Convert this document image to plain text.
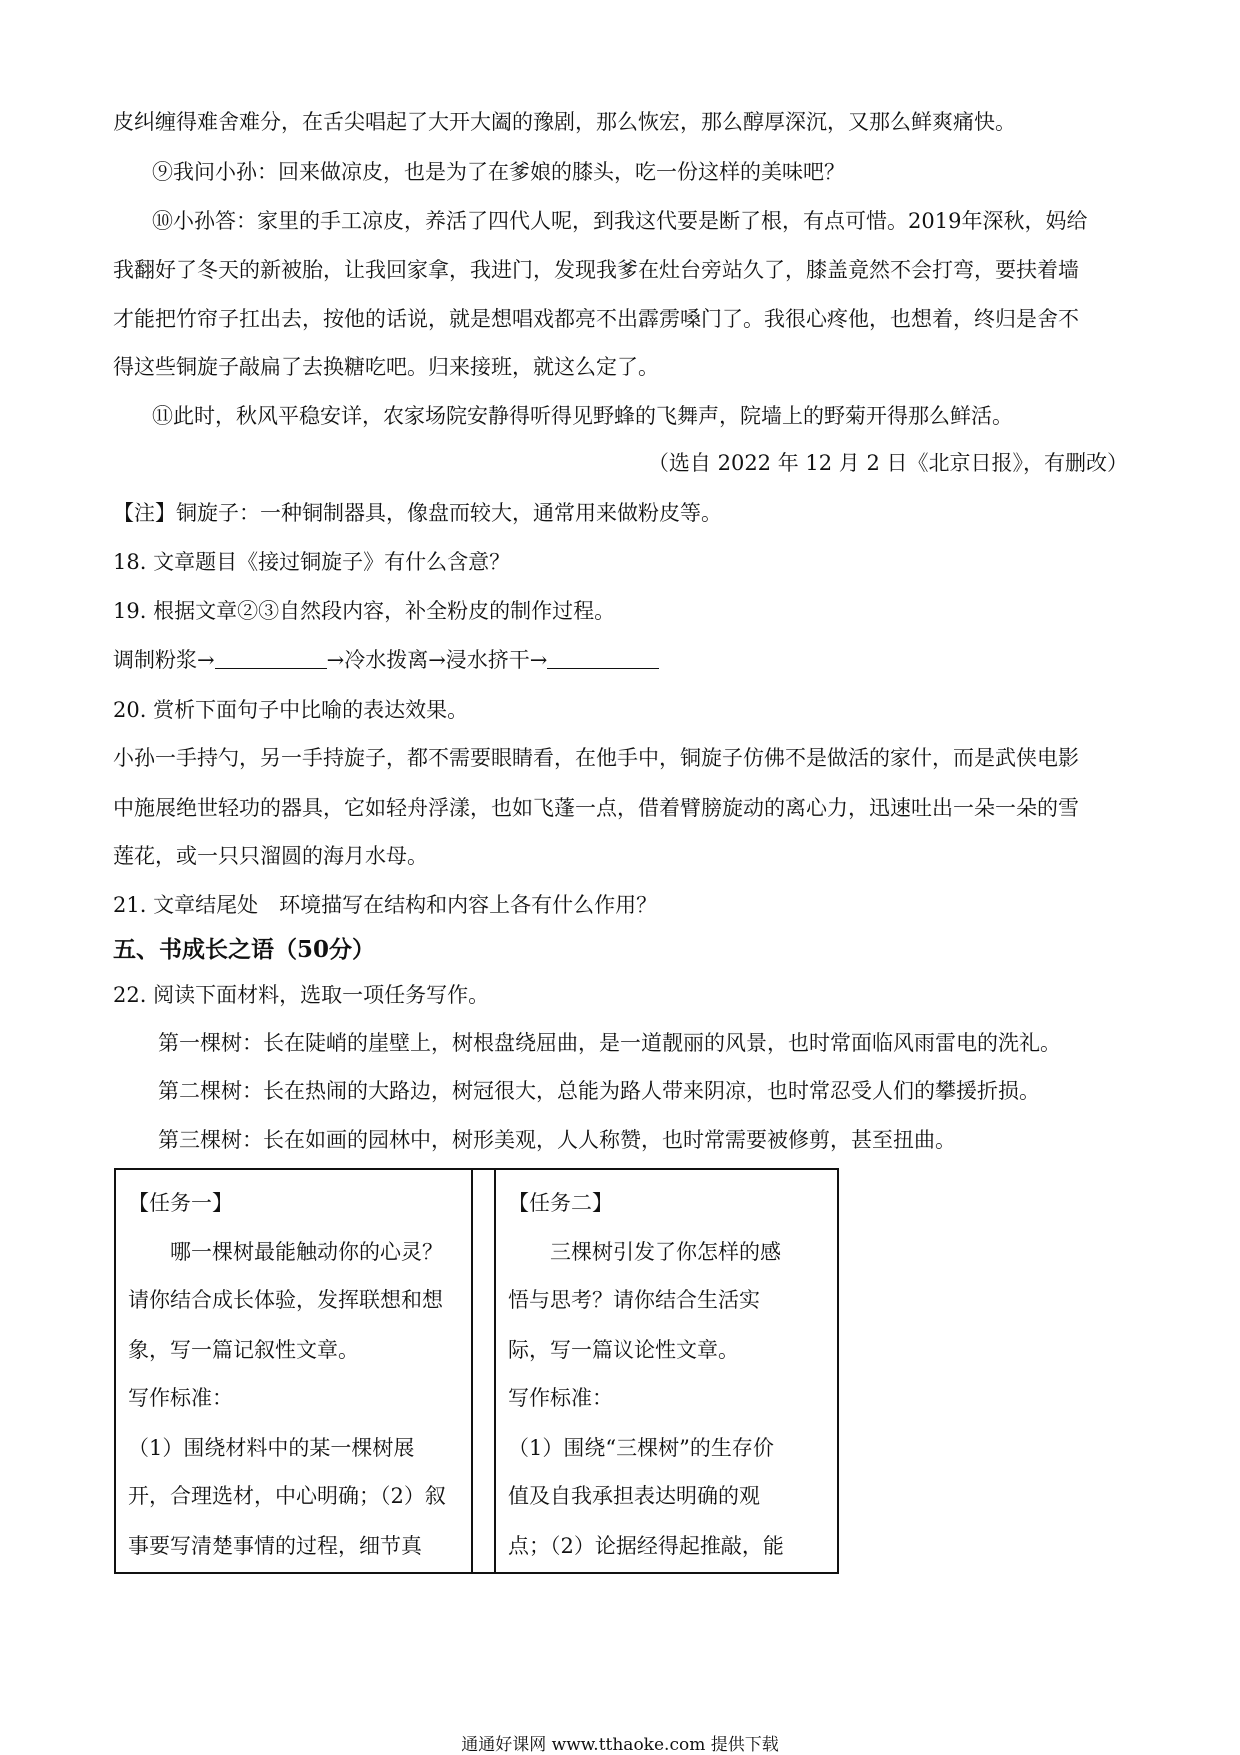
皮纠缠得难舍难分，在舌尖唱起了大开大阖的豫剧，那么恢宏，那么醇厚深沉，又那么鲜爽痛快。
⑨我问小孙：回来做凉皮，也是为了在爹娘的膝头，吃一份这样的美味吧？
⑩小孙答：家里的手工凉皮，养活了四代人呢，到我这代要是断了根，有点可惜。2019年深秋，妈给
我翻好了冬天的新被胎，让我回家拿，我进门，发现我爹在灶台旁站久了，膝盖竟然不会打弯，要扶着墙
才能把竹帘子扛出去，按他的话说，就是想唱戏都亮不出霹雳嗓门了。我很心疼他，也想着，终归是舍不
得这些铜旋子敲扁了去换糖吃吧。归来接班，就这么定了。
⑪此时，秋风平稳安详，农家场院安静得听得见野蜂的飞舞声，院墙上的野菊开得那么鲜活。
（选自 2022 年 12 月 2 日《北京日报》，有删改）
【注】铜旋子：一种铜制器具，像盘而较大，通常用来做粉皮等。
18. 文章题目《接过铜旋子》有什么含意？
19. 根据文章②③自然段内容，补全粉皮的制作过程。
调制粉浆→	→冷水拨离→浸水挤干→
20. 赏析下面句子中比喻的表达效果。
小孙一手持勺，另一手持旋子，都不需要眼睛看，在他手中，铜旋子仿佛不是做活的家什，而是武侠电影
中施展绝世轻功的器具，它如轻舟浮漾，也如飞蓬一点，借着臂膀旋动的离心力，迅速吐出一朵一朵的雪
莲花，或一只只溜圆的海月水母。
21. 文章结尾处　环境描写在结构和内容上各有什么作用？
五、书成长之语（50分）
22. 阅读下面材料，选取一项任务写作。
第一棵树：长在陡峭的崖壁上，树根盘绕屈曲，是一道靓丽的风景，也时常面临风雨雷电的洗礼。
第二棵树：长在热闹的大路边，树冠很大，总能为路人带来阴凉，也时常忍受人们的攀援折损。
第三棵树：长在如画的园林中，树形美观，人人称赞，也时常需要被修剪，甚至扭曲。
【任务一】
　　哪一棵树最能触动你的心灵？
请你结合成长体验，发挥联想和想
象，写一篇记叙性文章。
写作标准：
（1）围绕材料中的某一棵树展
开，合理选材，中心明确；（2）叙
事要写清楚事情的过程，细节真
【任务二】
　　三棵树引发了你怎样的感
悟与思考？请你结合生活实
际，写一篇议论性文章。
写作标准：
（1）围绕“三棵树”的生存价
值及自我承担表达明确的观
点；（2）论据经得起推敲，能
通通好课网 www.tthaoke.com 提供下载
